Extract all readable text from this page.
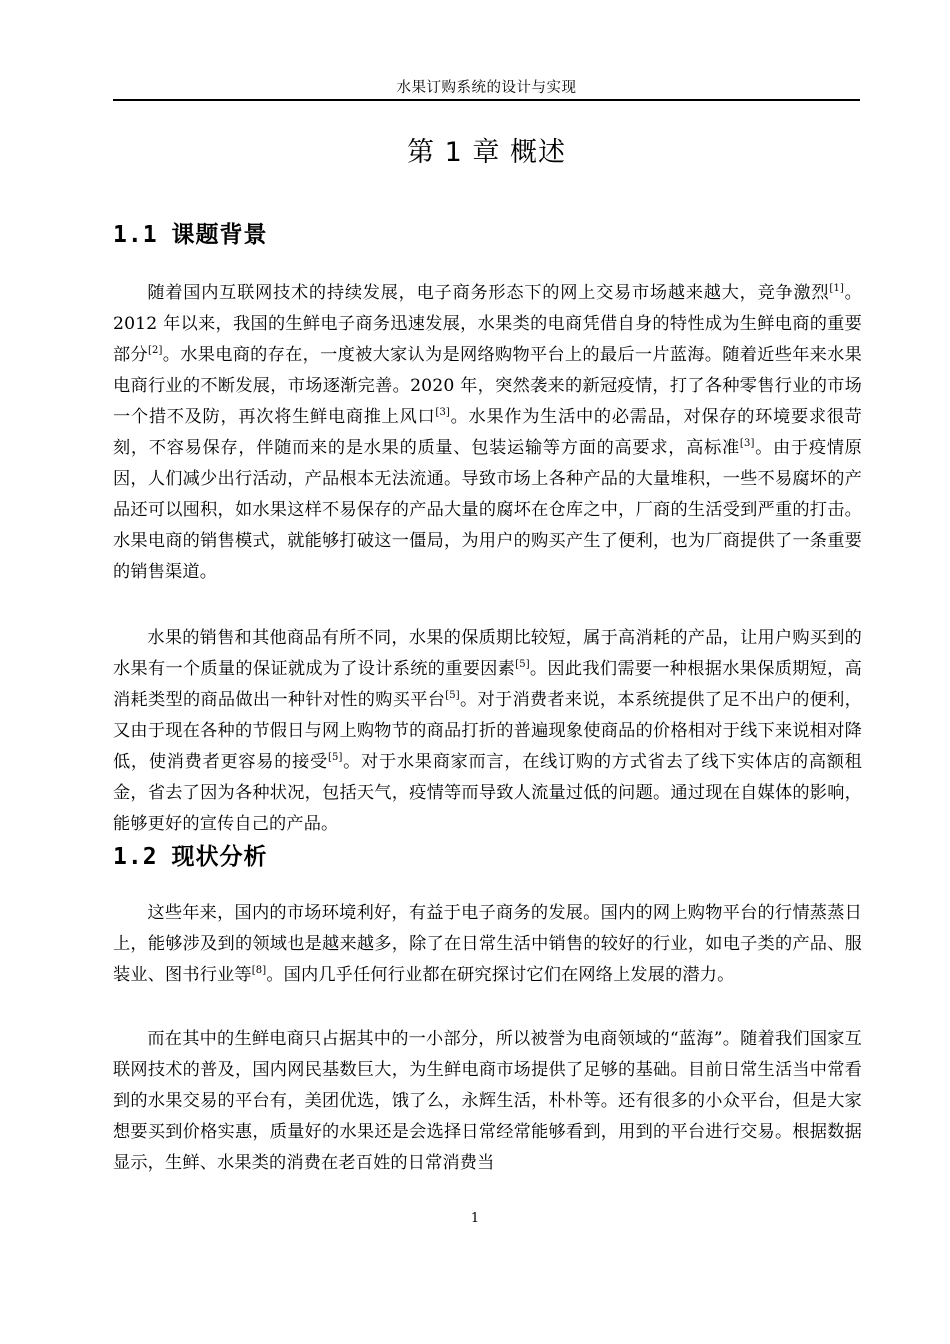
水果订购系统的设计与实现
第 1 章 概述
1.1 课题背景

随着国内互联网技术的持续发展，电子商务形态下的网上交易市场越来越大，竞争激烈[1]。2012 年以来，我国的生鲜电子商务迅速发展，水果类的电商凭借自身的特性成为生鲜电商的重要部分[2]。水果电商的存在，一度被大家认为是网络购物平台上的最后一片蓝海。随着近些年来水果电商行业的不断发展，市场逐渐完善。2020 年，突然袭来的新冠疫情，打了各种零售行业的市场一个措不及防，再次将生鲜电商推上风口[3]。水果作为生活中的必需品，对保存的环境要求很苛刻，不容易保存，伴随而来的是水果的质量、包装运输等方面的高要求，高标准[3]。由于疫情原因，人们减少出行活动，产品根本无法流通。导致市场上各种产品的大量堆积，一些不易腐坏的产品还可以囤积，如水果这样不易保存的产品大量的腐坏在仓库之中，厂商的生活受到严重的打击。水果电商的销售模式，就能够打破这一僵局，为用户的购买产生了便利，也为厂商提供了一条重要的销售渠道。

水果的销售和其他商品有所不同，水果的保质期比较短，属于高消耗的产品，让用户购买到的水果有一个质量的保证就成为了设计系统的重要因素[5]。因此我们需要一种根据水果保质期短，高消耗类型的商品做出一种针对性的购买平台[5]。对于消费者来说，本系统提供了足不出户的便利，又由于现在各种的节假日与网上购物节的商品打折的普遍现象使商品的价格相对于线下来说相对降低，使消费者更容易的接受[5]。对于水果商家而言，在线订购的方式省去了线下实体店的高额租金，省去了因为各种状况，包括天气，疫情等而导致人流量过低的问题。通过现在自媒体的影响，能够更好的宣传自己的产品。

1.2 现状分析

这些年来，国内的市场环境利好，有益于电子商务的发展。国内的网上购物平台的行情蒸蒸日上，能够涉及到的领域也是越来越多，除了在日常生活中销售的较好的行业，如电子类的产品、服装业、图书行业等[8]。国内几乎任何行业都在研究探讨它们在网络上发展的潜力。

而在其中的生鲜电商只占据其中的一小部分，所以被誉为电商领域的“蓝海”。随着我们国家互联网技术的普及，国内网民基数巨大，为生鲜电商市场提供了足够的基础。目前日常生活当中常看到的水果交易的平台有，美团优选，饿了么，永辉生活，朴朴等。还有很多的小众平台，但是大家想要买到价格实惠，质量好的水果还是会选择日常经常能够看到，用到的平台进行交易。根据数据显示，生鲜、水果类的消费在老百姓的日常消费当

1
